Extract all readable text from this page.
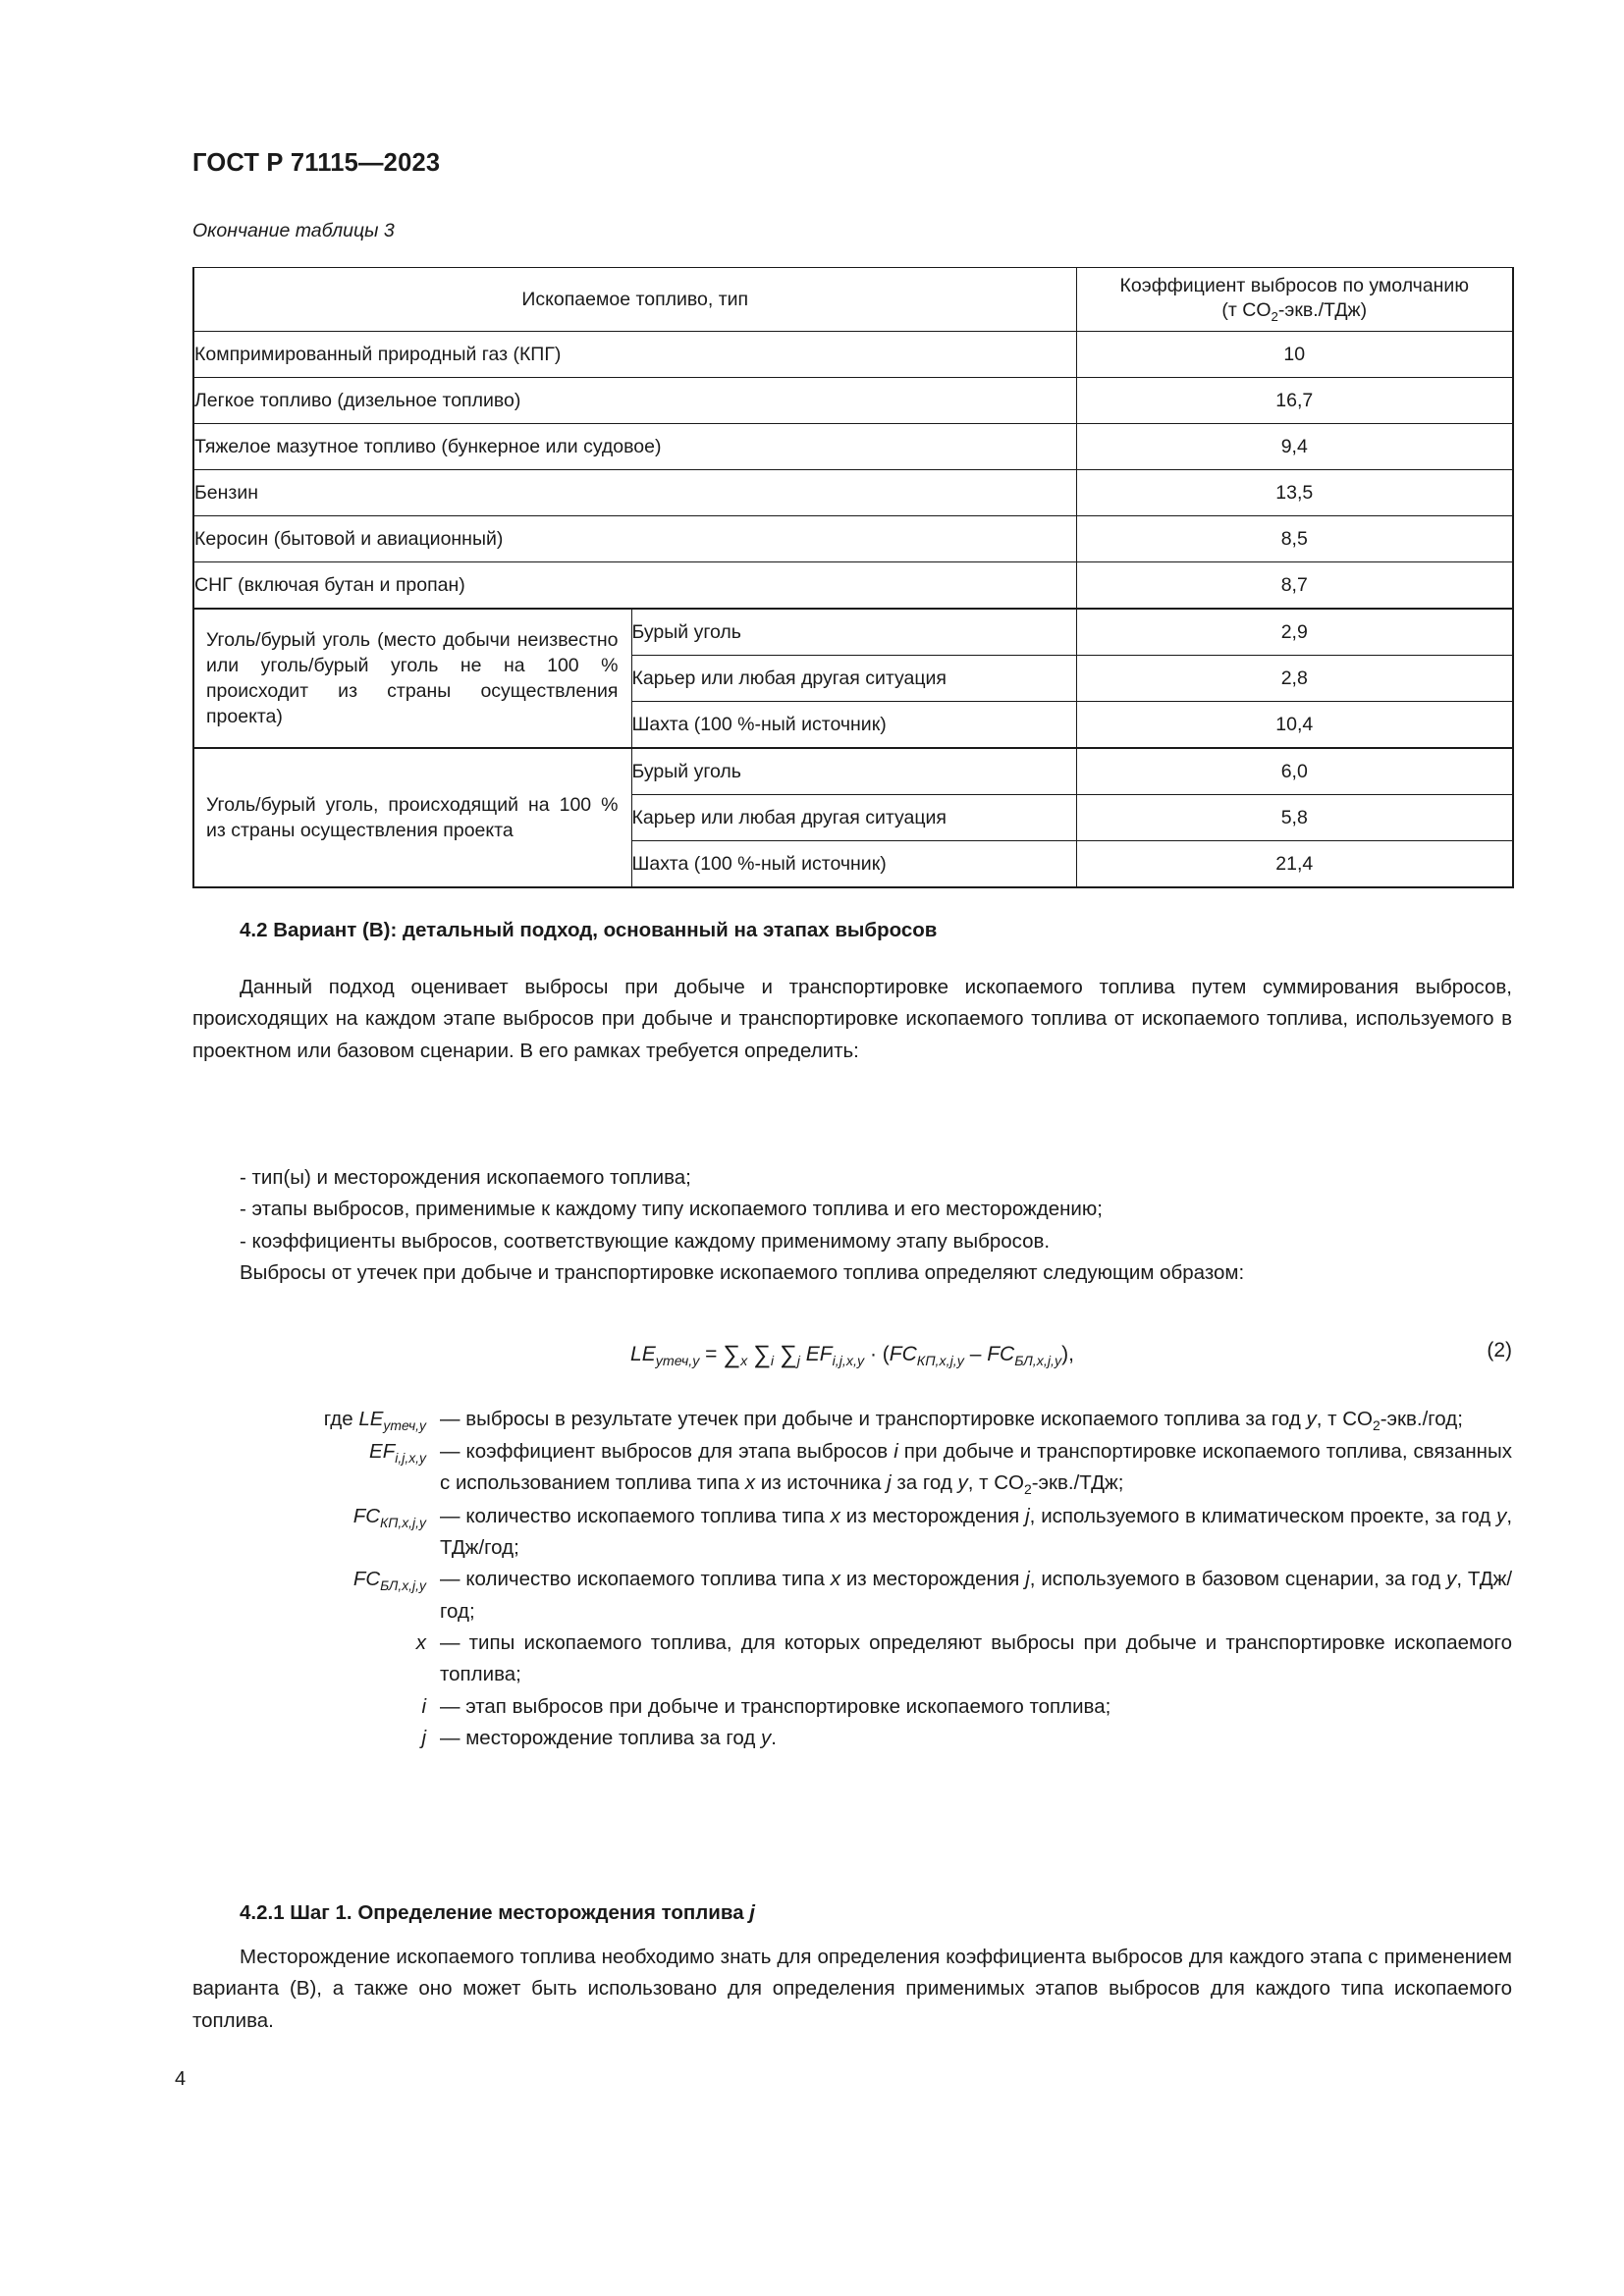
ГОСТ Р 71115—2023
Окончание таблицы 3
Ископаемое топливо, тип		Коэффициент выбросов по умолчанию
(т $CO_2-экв./ТДж$)
Компримированный природный газ (КПГ)		10
Легкое топливо (дизельное топливо)		16,7
Тяжелое мазутное топливо (бункерное или судовое)		9,4
Бензин		13,5
Керосин (бытовой и авиационный)		8,5
СНГ (включая бутан и пропан)		8,7
Уголь/бурый уголь (место добычи неизвестно или уголь/бурый уголь не на 100 % происходит из страны осуществления проекта)	Бурый уголь	2,9
	Карьер или любая другая ситуация	2,8
	Шахта (100 %-ный источник)	10,4
Уголь/бурый уголь, происходящий на 100 % из страны осуществления проекта	Бурый уголь	6,0
	Карьер или любая другая ситуация	5,8
	Шахта (100 %-ный источник)	21,4
4.2 Вариант (В): детальный подход, основанный на этапах выбросов
Данный подход оценивает выбросы при добыче и транспортировке ископаемого топлива путем суммирования выбросов, происходящих на каждом этапе выбросов при добыче и транспортировке ископаемого топлива от ископаемого топлива, используемого в проектном или базовом сценарии. В его рамках требуется определить:
- тип(ы) и месторождения ископаемого топлива;
- этапы выбросов, применимые к каждому типу ископаемого топлива и его месторождению;
- коэффициенты выбросов, соответствующие каждому применимому этапу выбросов.
Выбросы от утечек при добыче и транспортировке ископаемого топлива определяют следующим образом:
$LE_{утеч,y} = \sum_x$ $\sum_i$ $\sum_j$ $EF_{i,j,x,y} \cdot (FC_{КП,x,j,y} - FC_{БЛ,x,j,y})$,	(2)
где $LE_{утеч,y}$ — выбросы в результате утечек при добыче и транспортировке ископаемого топлива за год y, т $CO_2-экв$./год;
$EF_{i,j,x,y}$ — коэффициент выбросов для этапа выбросов i при добыче и транспортировке ископаемого топлива, связанных с использованием топлива типа x из источника j за год y, т $CO_2-экв$./ТДж;
$FC_{КП,x,j,y}$ — количество ископаемого топлива типа x из месторождения j, используемого в климатическом проекте, за год y, ТДж/год;
$FC_{БЛ,x,j,y}$ — количество ископаемого топлива типа x из месторождения j, используемого в базовом сценарии, за год y, ТДж/год;
x — типы ископаемого топлива, для которых определяют выбросы при добыче и транспортировке ископаемого топлива;
i — этап выбросов при добыче и транспортировке ископаемого топлива;
j — месторождение топлива за год y.
4.2.1 Шаг 1. Определение месторождения топлива j
Месторождение ископаемого топлива необходимо знать для определения коэффициента выбросов для каждого этапа с применением варианта (В), а также оно может быть использовано для определения применимых этапов выбросов для каждого типа ископаемого топлива.
4
